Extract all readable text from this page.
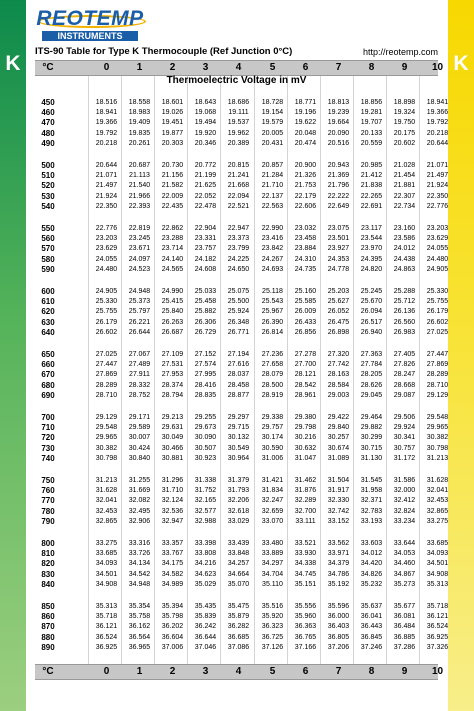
K	K
REOTEMP
INSTRUMENTS
ITS-90 Table for Type K Thermocouple (Ref Junction 0°C)	http://reotemp.com
°C	0	1	2	3	4	5	6	7	8	9	10
Thermoelectric Voltage in mV
450	18.516	18.558	18.601	18.643	18.686	18.728	18.771	18.813	18.856	18.898	18.941
460	18.941	18.983	19.026	19.068	19.111	19.154	19.196	19.239	19.281	19.324	19.366
470	19.366	19.409	19.451	19.494	19.537	19.579	19.622	19.664	19.707	19.750	19.792
480	19.792	19.835	19.877	19.920	19.962	20.005	20.048	20.090	20.133	20.175	20.218
490	20.218	20.261	20.303	20.346	20.389	20.431	20.474	20.516	20.559	20.602	20.644
500	20.644	20.687	20.730	20.772	20.815	20.857	20.900	20.943	20.985	21.028	21.071
510	21.071	21.113	21.156	21.199	21.241	21.284	21.326	21.369	21.412	21.454	21.497
520	21.497	21.540	21.582	21.625	21.668	21.710	21.753	21.796	21.838	21.881	21.924
530	21.924	21.966	22.009	22.052	22.094	22.137	22.179	22.222	22.265	22.307	22.350
540	22.350	22.393	22.435	22.478	22.521	22.563	22.606	22.649	22.691	22.734	22.776
550	22.776	22.819	22.862	22.904	22.947	22.990	23.032	23.075	23.117	23.160	23.203
560	23.203	23.245	23.288	23.331	23.373	23.416	23.458	23.501	23.544	23.586	23.629
570	23.629	23.671	23.714	23.757	23.799	23.842	23.884	23.927	23.970	24.012	24.055
580	24.055	24.097	24.140	24.182	24.225	24.267	24.310	24.353	24.395	24.438	24.480
590	24.480	24.523	24.565	24.608	24.650	24.693	24.735	24.778	24.820	24.863	24.905
600	24.905	24.948	24.990	25.033	25.075	25.118	25.160	25.203	25.245	25.288	25.330
610	25.330	25.373	25.415	25.458	25.500	25.543	25.585	25.627	25.670	25.712	25.755
620	25.755	25.797	25.840	25.882	25.924	25.967	26.009	26.052	26.094	26.136	26.179
630	26.179	26.221	26.263	26.306	26.348	26.390	26.433	26.475	26.517	26.560	26.602
640	26.602	26.644	26.687	26.729	26.771	26.814	26.856	26.898	26.940	26.983	27.025
650	27.025	27.067	27.109	27.152	27.194	27.236	27.278	27.320	27.363	27.405	27.447
660	27.447	27.489	27.531	27.574	27.616	27.658	27.700	27.742	27.784	27.826	27.869
670	27.869	27.911	27.953	27.995	28.037	28.079	28.121	28.163	28.205	28.247	28.289
680	28.289	28.332	28.374	28.416	28.458	28.500	28.542	28.584	28.626	28.668	28.710
690	28.710	28.752	28.794	28.835	28.877	28.919	28.961	29.003	29.045	29.087	29.129
700	29.129	29.171	29.213	29.255	29.297	29.338	29.380	29.422	29.464	29.506	29.548
710	29.548	29.589	29.631	29.673	29.715	29.757	29.798	29.840	29.882	29.924	29.965
720	29.965	30.007	30.049	30.090	30.132	30.174	30.216	30.257	30.299	30.341	30.382
730	30.382	30.424	30.466	30.507	30.549	30.590	30.632	30.674	30.715	30.757	30.798
740	30.798	30.840	30.881	30.923	30.964	31.006	31.047	31.089	31.130	31.172	31.213
750	31.213	31.255	31.296	31.338	31.379	31.421	31.462	31.504	31.545	31.586	31.628
760	31.628	31.669	31.710	31.752	31.793	31.834	31.876	31.917	31.958	32.000	32.041
770	32.041	32.082	32.124	32.165	32.206	32.247	32.289	32.330	32.371	32.412	32.453
780	32.453	32.495	32.536	32.577	32.618	32.659	32.700	32.742	32.783	32.824	32.865
790	32.865	32.906	32.947	32.988	33.029	33.070	33.111	33.152	33.193	33.234	33.275
800	33.275	33.316	33.357	33.398	33.439	33.480	33.521	33.562	33.603	33.644	33.685
810	33.685	33.726	33.767	33.808	33.848	33.889	33.930	33.971	34.012	34.053	34.093
820	34.093	34.134	34.175	34.216	34.257	34.297	34.338	34.379	34.420	34.460	34.501
830	34.501	34.542	34.582	34.623	34.664	34.704	34.745	34.786	34.826	34.867	34.908
840	34.908	34.948	34.989	35.029	35.070	35.110	35.151	35.192	35.232	35.273	35.313
850	35.313	35.354	35.394	35.435	35.475	35.516	35.556	35.596	35.637	35.677	35.718
860	35.718	35.758	35.798	35.839	35.879	35.920	35.960	36.000	36.041	36.081	36.121
870	36.121	36.162	36.202	36.242	36.282	36.323	36.363	36.403	36.443	36.484	36.524
880	36.524	36.564	36.604	36.644	36.685	36.725	36.765	36.805	36.845	36.885	36.925
890	36.925	36.965	37.006	37.046	37.086	37.126	37.166	37.206	37.246	37.286	37.326
°C	0	1	2	3	4	5	6	7	8	9	10
